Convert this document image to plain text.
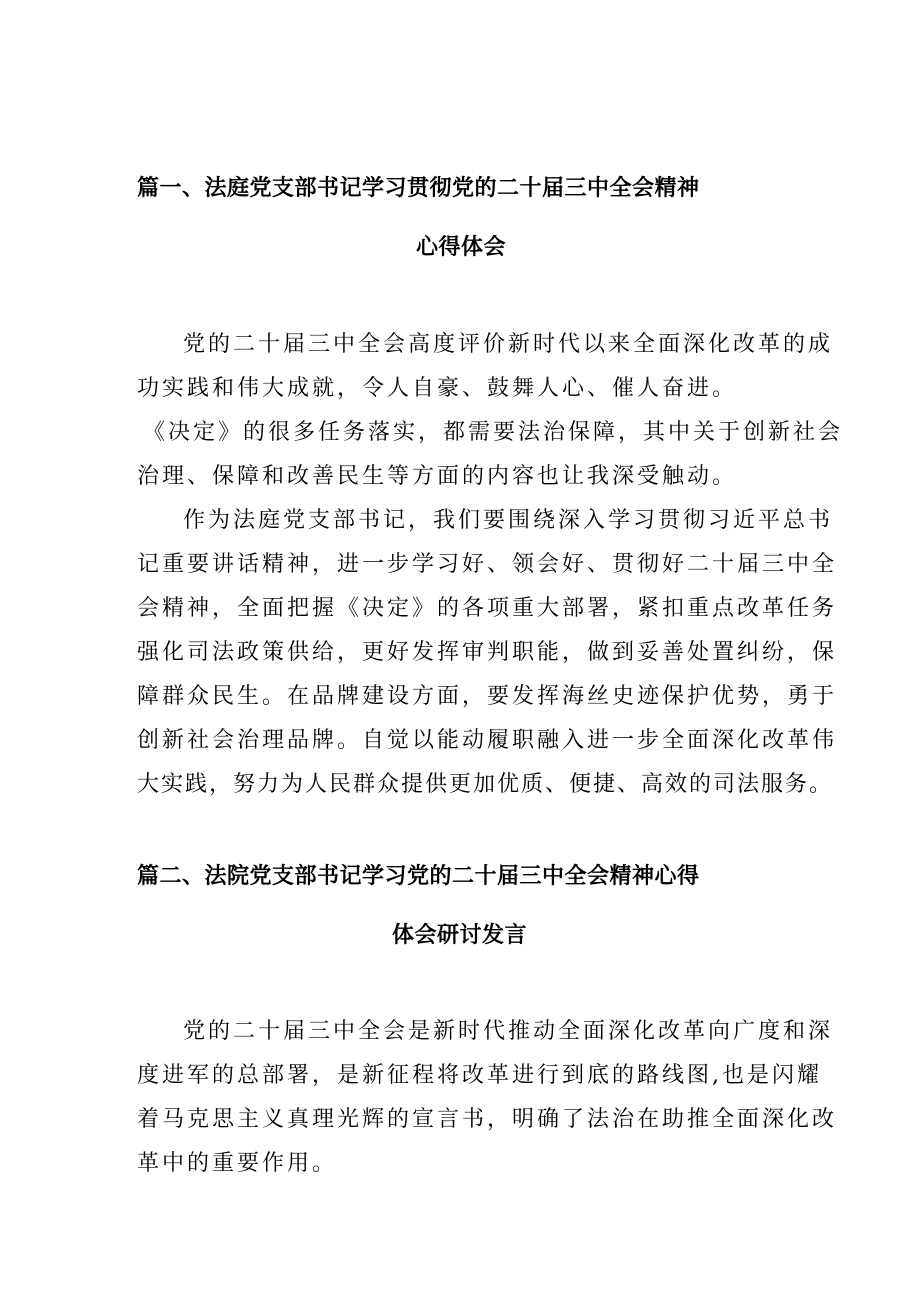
篇一、法庭党支部书记学习贯彻党的二十届三中全会精神
心得体会
党的二十届三中全会高度评价新时代以来全面深化改革的成
功实践和伟大成就，令人自豪、鼓舞人心、催人奋进。
《决定》的很多任务落实，都需要法治保障，其中关于创新社会
治理、保障和改善民生等方面的内容也让我深受触动。
作为法庭党支部书记，我们要围绕深入学习贯彻习近平总书
记重要讲话精神，进一步学习好、领会好、贯彻好二十届三中全
会精神，全面把握《决定》的各项重大部署，紧扣重点改革任务
强化司法政策供给，更好发挥审判职能，做到妥善处置纠纷，保
障群众民生。在品牌建设方面，要发挥海丝史迹保护优势，勇于
创新社会治理品牌。自觉以能动履职融入进一步全面深化改革伟
大实践，努力为人民群众提供更加优质、便捷、高效的司法服务。
篇二、法院党支部书记学习党的二十届三中全会精神心得
体会研讨发言
党的二十届三中全会是新时代推动全面深化改革向广度和深
度进军的总部署，是新征程将改革进行到底的路线图,也是闪耀
着马克思主义真理光辉的宣言书，明确了法治在助推全面深化改
革中的重要作用。
